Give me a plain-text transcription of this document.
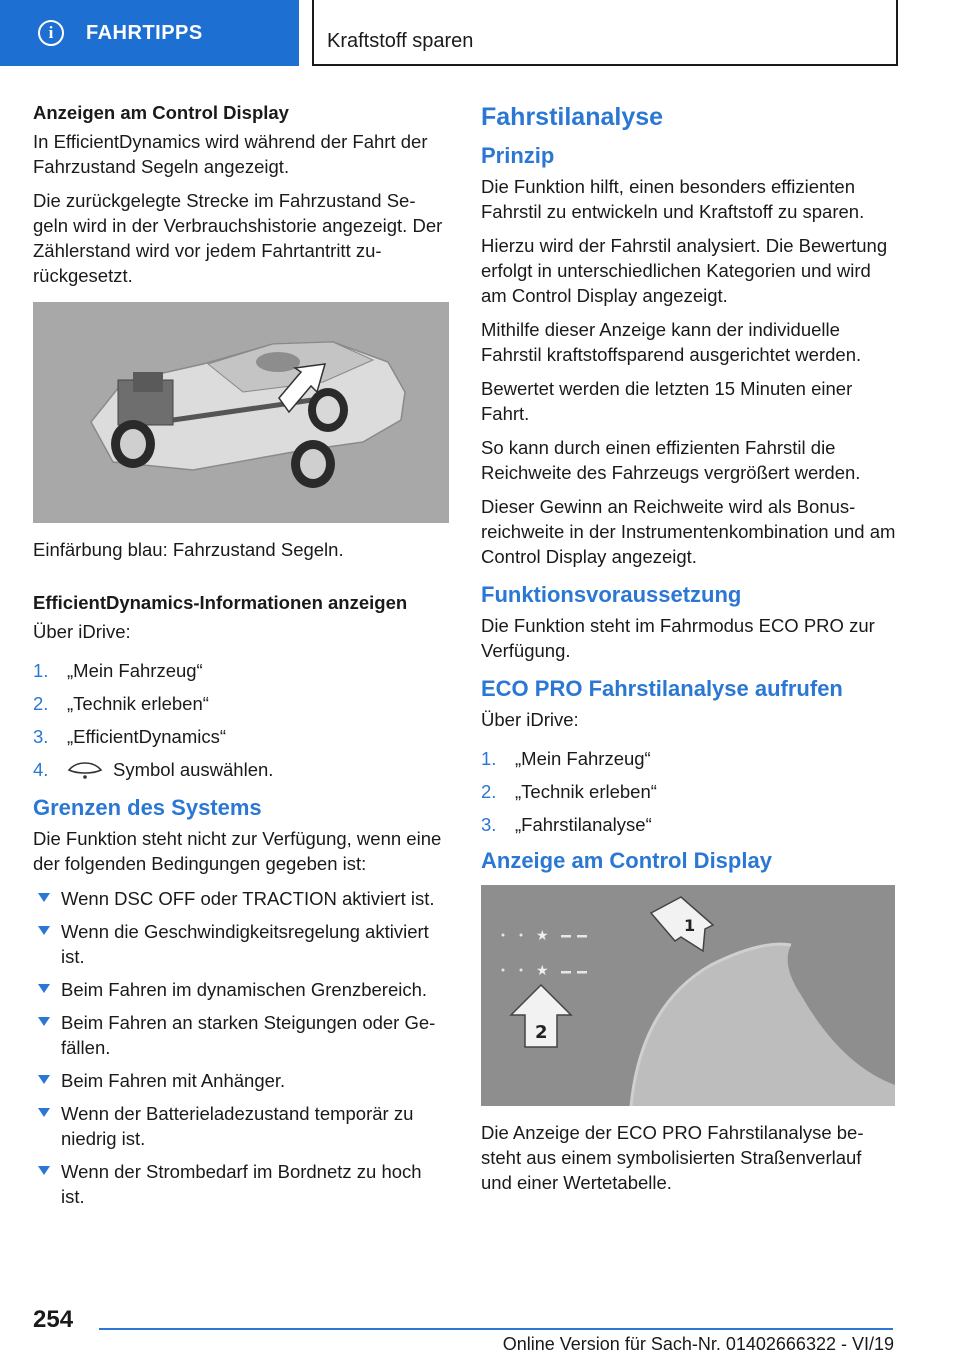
i	FAHRTIPPS	Kraftstoff sparen
Anzeigen am Control Display

In EfficientDynamics wird während der Fahrt der Fahrzustand Segeln angezeigt.

Die zurückgelegte Strecke im Fahrzustand Se-geln wird in der Verbrauchshistorie angezeigt. Der Zählerstand wird vor jedem Fahrtantritt zu-rückgesetzt.

Einfärbung blau: Fahrzustand Segeln.

EfficientDynamics-Informationen anzeigen

Über iDrive:

1. „Mein Fahrzeug“
2. „Technik erleben“
3. „EfficientDynamics“
4.	Symbol auswählen.
Grenzen des Systems

Die Funktion steht nicht zur Verfügung, wenn eine der folgenden Bedingungen gegeben ist:

Wenn DSC OFF oder TRACTION aktiviert ist.
Wenn die Geschwindigkeitsregelung aktiviert ist.
Beim Fahren im dynamischen Grenzbereich.
Beim Fahren an starken Steigungen oder Ge-fällen.
Beim Fahren mit Anhänger.
Wenn der Batterieladezustand temporär zu niedrig ist.
Wenn der Strombedarf im Bordnetz zu hoch ist.
Fahrstilanalyse
Prinzip

Die Funktion hilft, einen besonders effizienten Fahrstil zu entwickeln und Kraftstoff zu sparen.

Hierzu wird der Fahrstil analysiert. Die Bewertung erfolgt in unterschiedlichen Kategorien und wird am Control Display angezeigt.

Mithilfe dieser Anzeige kann der individuelle Fahrstil kraftstoffsparend ausgerichtet werden.

Bewertet werden die letzten 15 Minuten einer Fahrt.

So kann durch einen effizienten Fahrstil die Reichweite des Fahrzeugs vergrößert werden.

Dieser Gewinn an Reichweite wird als Bonus-reichweite in der Instrumentenkombination und am Control Display angezeigt.

Funktionsvoraussetzung

Die Funktion steht im Fahrmodus ECO PRO zur Verfügung.

ECO PRO Fahrstilanalyse aufrufen

Über iDrive:

1. „Mein Fahrzeug“
2. „Technik erleben“
3. „Fahrstilanalyse“
Anzeige am Control Display
★
★
1
2

Die Anzeige der ECO PRO Fahrstilanalyse be-steht aus einem symbolisierten Straßenverlauf und einer Wertetabelle.

254
Online Version für Sach-Nr. 01402666322 - VI/19
